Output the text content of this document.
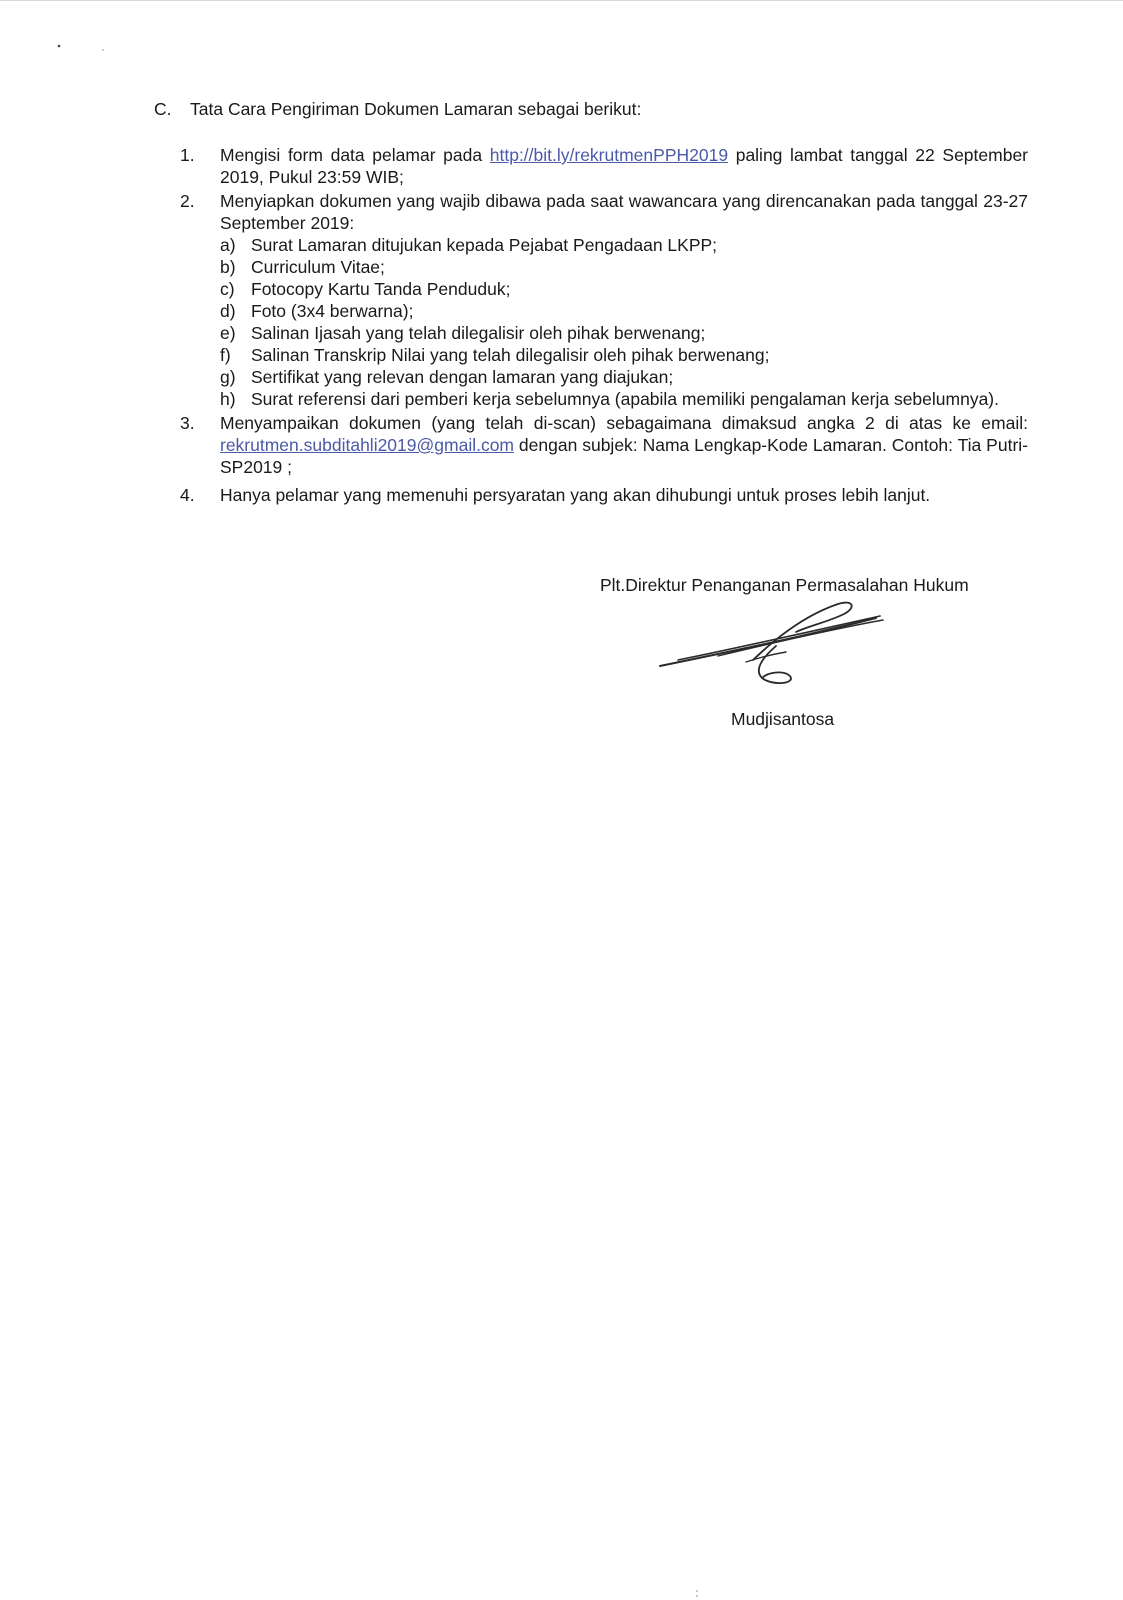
C. Tata Cara Pengiriman Dokumen Lamaran sebagai berikut:
1.	Mengisi form data pelamar pada http://bit.ly/rekrutmenPPH2019 paling lambat tanggal 22 September 2019, Pukul 23:59 WIB;
2.	Menyiapkan dokumen yang wajib dibawa pada saat wawancara yang direncanakan pada tanggal 23-27 September 2019:
a) Surat Lamaran ditujukan kepada Pejabat Pengadaan LKPP;
b) Curriculum Vitae;
c) Fotocopy Kartu Tanda Penduduk;
d) Foto (3x4 berwarna);
e) Salinan Ijasah yang telah dilegalisir oleh pihak berwenang;
f)	Salinan Transkrip Nilai yang telah dilegalisir oleh pihak berwenang;
g) Sertifikat yang relevan dengan lamaran yang diajukan;
h) Surat referensi dari pemberi kerja sebelumnya (apabila memiliki pengalaman kerja sebelumnya).
3.	Menyampaikan dokumen (yang telah di-scan) sebagaimana dimaksud angka 2 di atas ke email: rekrutmen.subditahli2019@gmail.com dengan subjek: Nama Lengkap-Kode Lamaran. Contoh: Tia Putri-SP2019 ;
4.	Hanya pelamar yang memenuhi persyaratan yang akan dihubungi untuk proses lebih lanjut.
Plt.Direktur Penanganan Permasalahan Hukum
Mudjisantosa
